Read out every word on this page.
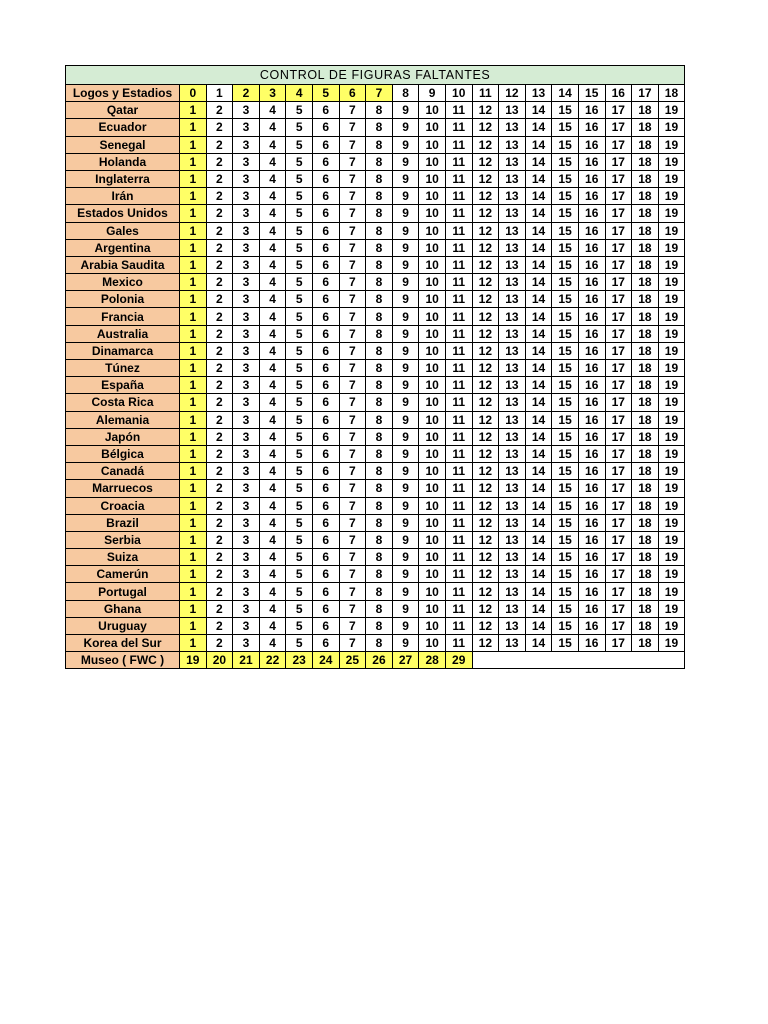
CONTROL DE FIGURAS FALTANTES																			
Logos y Estadios	0	1	2	3	4	5	6	7	8	9	10	11	12	13	14	15	16	17	18
Qatar	1	2	3	4	5	6	7	8	9	10	11	12	13	14	15	16	17	18	19
Ecuador	1	2	3	4	5	6	7	8	9	10	11	12	13	14	15	16	17	18	19
Senegal	1	2	3	4	5	6	7	8	9	10	11	12	13	14	15	16	17	18	19
Holanda	1	2	3	4	5	6	7	8	9	10	11	12	13	14	15	16	17	18	19
Inglaterra	1	2	3	4	5	6	7	8	9	10	11	12	13	14	15	16	17	18	19
Irán	1	2	3	4	5	6	7	8	9	10	11	12	13	14	15	16	17	18	19
Estados Unidos	1	2	3	4	5	6	7	8	9	10	11	12	13	14	15	16	17	18	19
Gales	1	2	3	4	5	6	7	8	9	10	11	12	13	14	15	16	17	18	19
Argentina	1	2	3	4	5	6	7	8	9	10	11	12	13	14	15	16	17	18	19
Arabia Saudita	1	2	3	4	5	6	7	8	9	10	11	12	13	14	15	16	17	18	19
Mexico	1	2	3	4	5	6	7	8	9	10	11	12	13	14	15	16	17	18	19
Polonia	1	2	3	4	5	6	7	8	9	10	11	12	13	14	15	16	17	18	19
Francia	1	2	3	4	5	6	7	8	9	10	11	12	13	14	15	16	17	18	19
Australia	1	2	3	4	5	6	7	8	9	10	11	12	13	14	15	16	17	18	19
Dinamarca	1	2	3	4	5	6	7	8	9	10	11	12	13	14	15	16	17	18	19
Túnez	1	2	3	4	5	6	7	8	9	10	11	12	13	14	15	16	17	18	19
España	1	2	3	4	5	6	7	8	9	10	11	12	13	14	15	16	17	18	19
Costa Rica	1	2	3	4	5	6	7	8	9	10	11	12	13	14	15	16	17	18	19
Alemania	1	2	3	4	5	6	7	8	9	10	11	12	13	14	15	16	17	18	19
Japón	1	2	3	4	5	6	7	8	9	10	11	12	13	14	15	16	17	18	19
Bélgica	1	2	3	4	5	6	7	8	9	10	11	12	13	14	15	16	17	18	19
Canadá	1	2	3	4	5	6	7	8	9	10	11	12	13	14	15	16	17	18	19
Marruecos	1	2	3	4	5	6	7	8	9	10	11	12	13	14	15	16	17	18	19
Croacia	1	2	3	4	5	6	7	8	9	10	11	12	13	14	15	16	17	18	19
Brazil	1	2	3	4	5	6	7	8	9	10	11	12	13	14	15	16	17	18	19
Serbia	1	2	3	4	5	6	7	8	9	10	11	12	13	14	15	16	17	18	19
Suiza	1	2	3	4	5	6	7	8	9	10	11	12	13	14	15	16	17	18	19
Camerún	1	2	3	4	5	6	7	8	9	10	11	12	13	14	15	16	17	18	19
Portugal	1	2	3	4	5	6	7	8	9	10	11	12	13	14	15	16	17	18	19
Ghana	1	2	3	4	5	6	7	8	9	10	11	12	13	14	15	16	17	18	19
Uruguay	1	2	3	4	5	6	7	8	9	10	11	12	13	14	15	16	17	18	19
Korea del Sur	1	2	3	4	5	6	7	8	9	10	11	12	13	14	15	16	17	18	19
Museo ( FWC )	19	20	21	22	23	24	25	26	27	28	29								
